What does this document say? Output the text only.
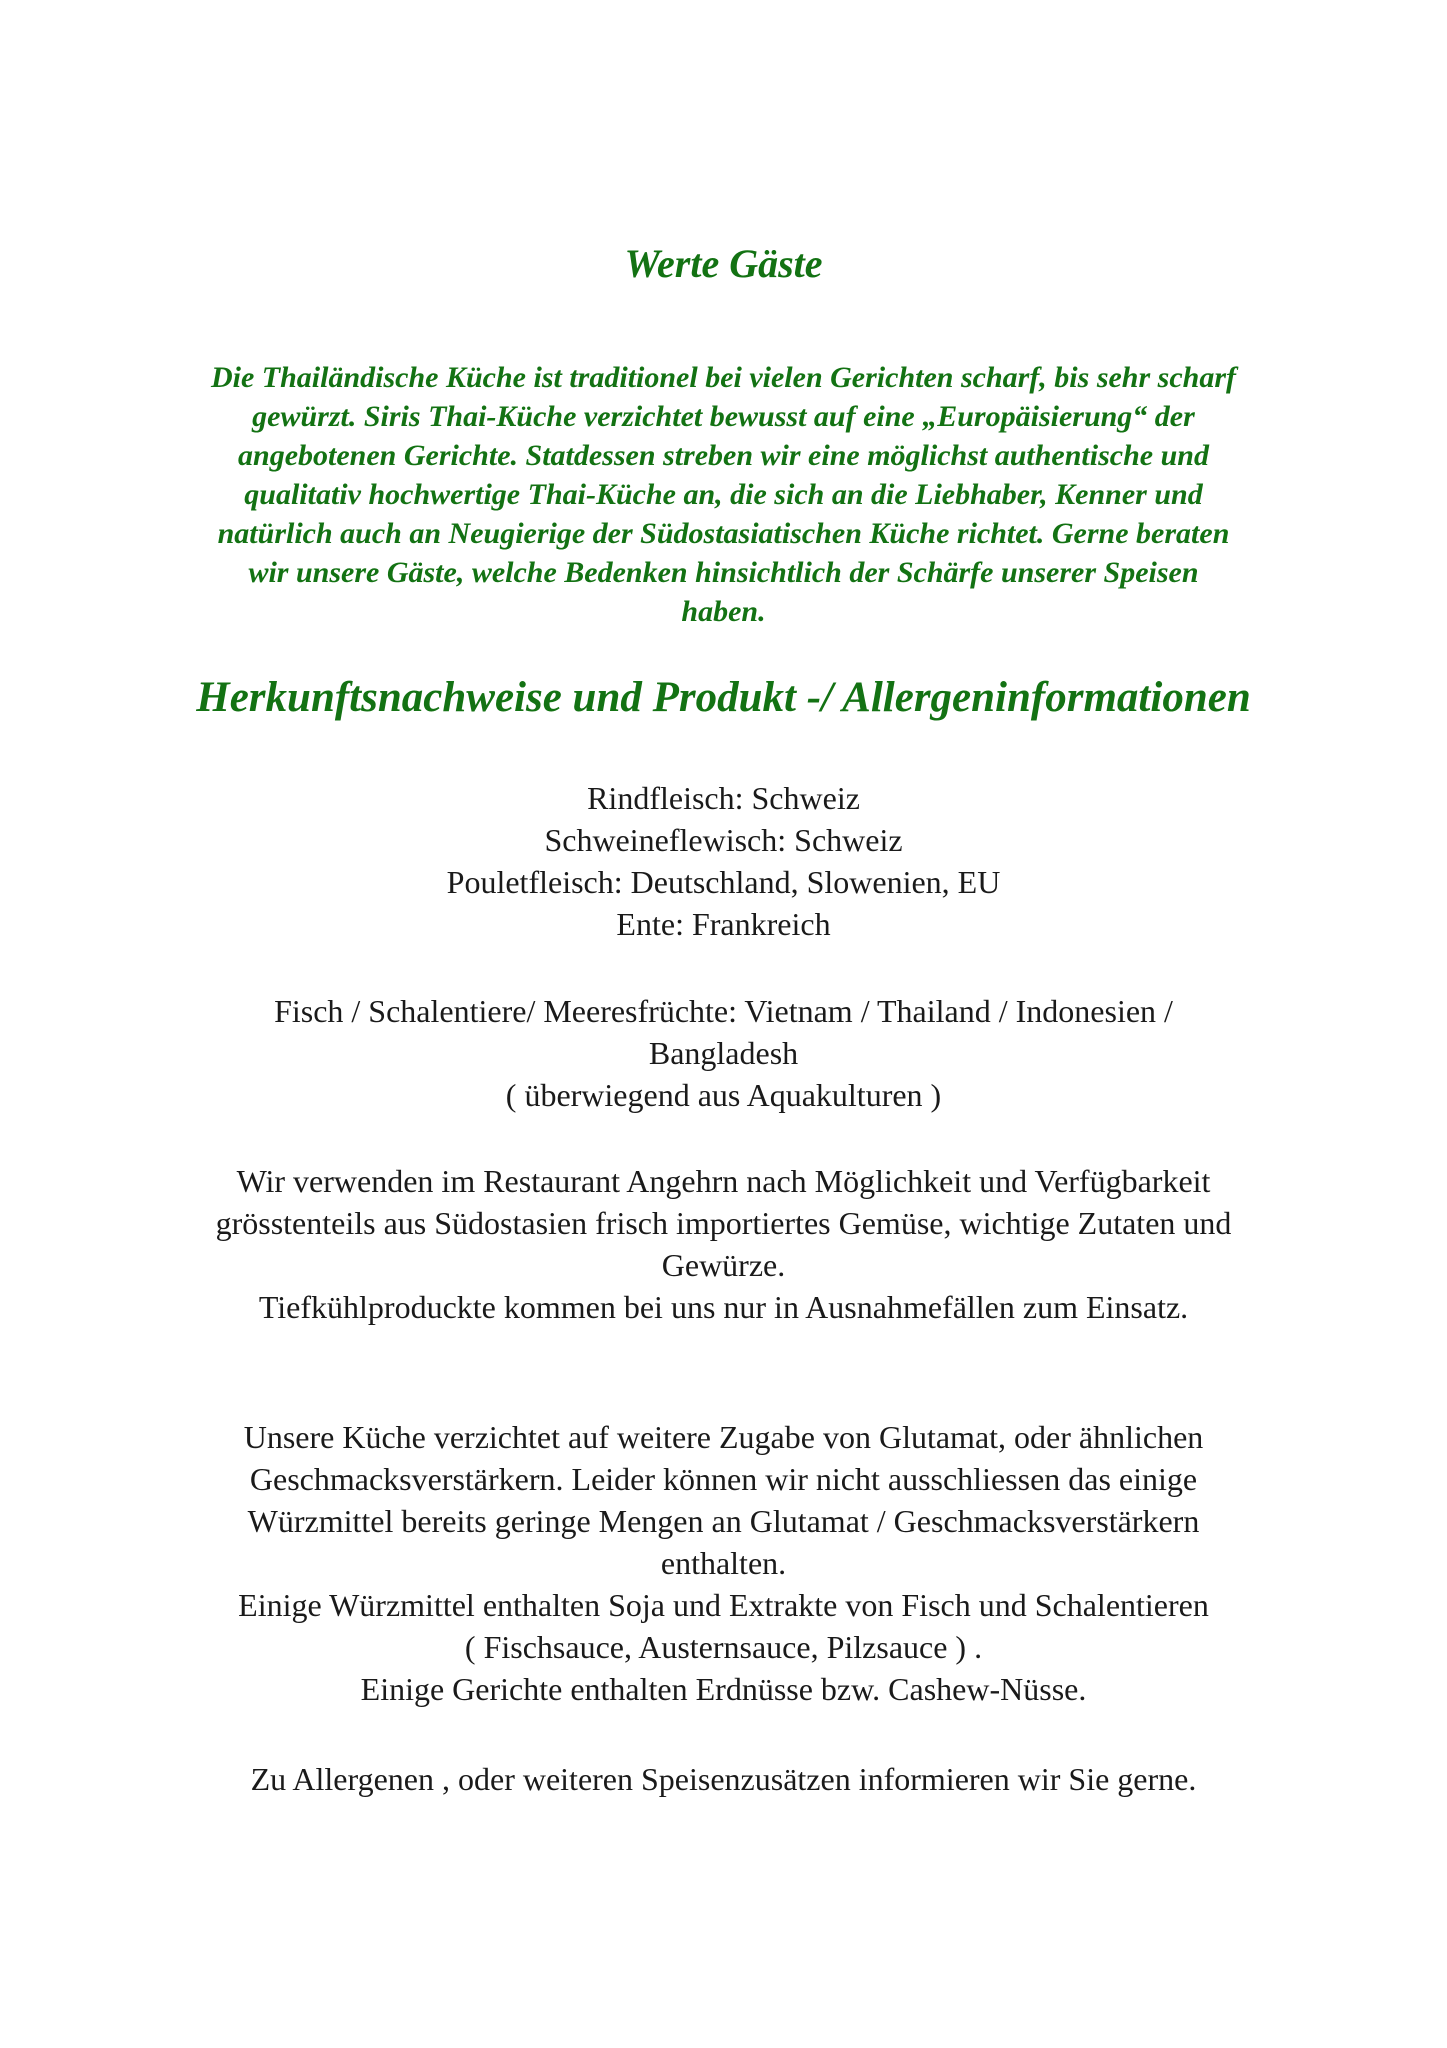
Werte Gäste
Die Thailändische Küche ist traditionel bei vielen Gerichten scharf, bis sehr scharf
gewürzt. Siris Thai-Küche verzichtet bewusst auf eine „Europäisierung“ der
angebotenen Gerichte. Statdessen streben wir eine möglichst authentische und
qualitativ hochwertige Thai-Küche an, die sich an die Liebhaber, Kenner und
natürlich auch an Neugierige der Südostasiatischen Küche richtet. Gerne beraten
wir unsere Gäste, welche Bedenken hinsichtlich der Schärfe unserer Speisen
haben.
Herkunftsnachweise und Produkt -/ Allergeninformationen
Rindfleisch: Schweiz
Schweineflewisch: Schweiz
Pouletfleisch: Deutschland, Slowenien, EU
Ente: Frankreich
Fisch / Schalentiere/ Meeresfrüchte: Vietnam / Thailand / Indonesien /
Bangladesh
( überwiegend aus Aquakulturen )
Wir verwenden im Restaurant Angehrn nach Möglichkeit und Verfügbarkeit
grösstenteils aus Südostasien frisch importiertes Gemüse, wichtige Zutaten und
Gewürze.
Tiefkühlproduckte kommen bei uns nur in Ausnahmefällen zum Einsatz.
Unsere Küche verzichtet auf weitere Zugabe von Glutamat, oder ähnlichen
Geschmacksverstärkern. Leider können wir nicht ausschliessen das einige
Würzmittel bereits geringe Mengen an Glutamat / Geschmacksverstärkern
enthalten.
Einige Würzmittel enthalten Soja und Extrakte von Fisch und Schalentieren
( Fischsauce, Austernsauce, Pilzsauce ) .
Einige Gerichte enthalten Erdnüsse bzw. Cashew-Nüsse.
Zu Allergenen , oder weiteren Speisenzusätzen informieren wir Sie gerne.
